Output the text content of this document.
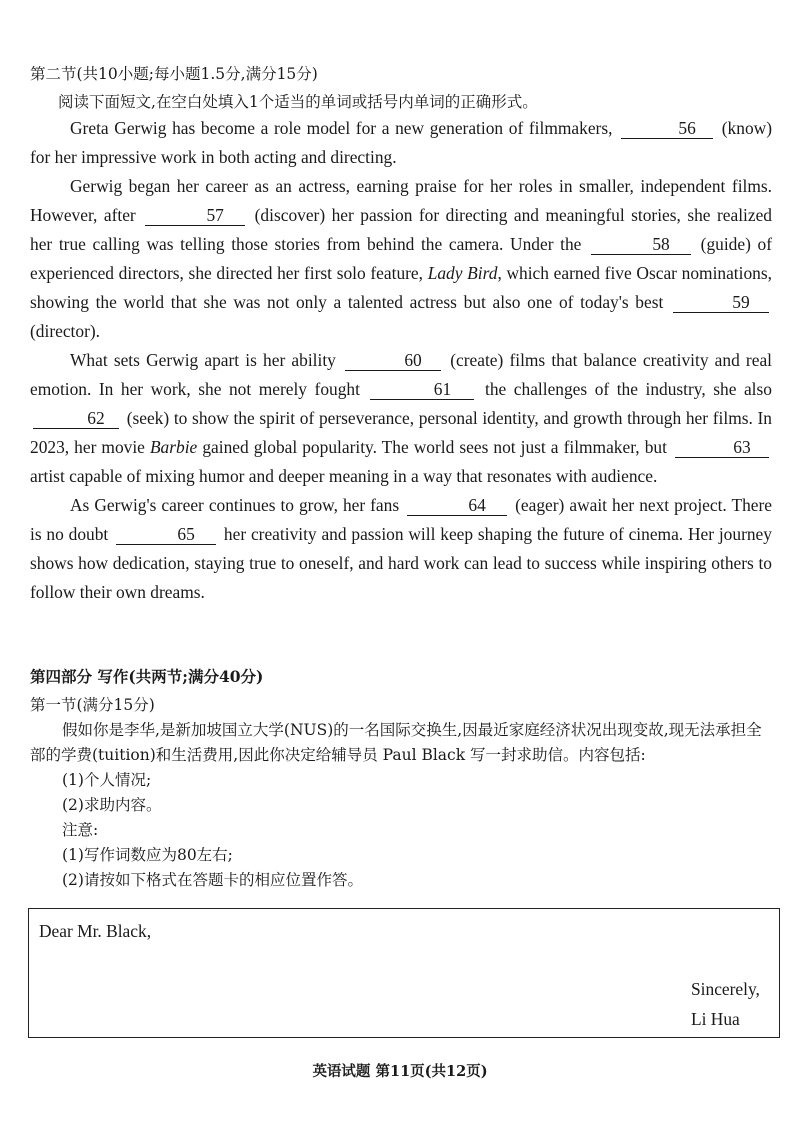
第二节(共10小题;每小题1.5分,满分15分)
阅读下面短文,在空白处填入1个适当的单词或括号内单词的正确形式。

Greta Gerwig has become a role model for a new generation of filmmakers,	56 (know) for her impressive work in both acting and directing.

Gerwig began her career as an actress, earning praise for her roles in smaller, independent films. However, after	57 (discover) her passion for directing and meaningful stories, she realized her true calling was telling those stories from behind the camera. Under the	58 (guide) of experienced directors, she directed her first solo feature, Lady Bird, which earned five Oscar nominations, showing the world that she was not only a talented actress but also one of today's best	59 (director).

What sets Gerwig apart is her ability	60 (create) films that balance creativity and real emotion. In her work, she not merely fought	61 the challenges of the industry, she also 62 (seek) to show the spirit of perseverance, personal identity, and growth through her films. In 2023, her movie Barbie gained global popularity. The world sees not just a filmmaker, but	63 artist capable of mixing humor and deeper meaning in a way that resonates with audience.

As Gerwig's career continues to grow, her fans	64 (eager) await her next project. There is no doubt	65 her creativity and passion will keep shaping the future of cinema. Her journey shows how dedication, staying true to oneself, and hard work can lead to success while inspiring others to follow their own dreams.

第四部分 写作(共两节;满分40分)
第一节(满分15分)

假如你是李华,是新加坡国立大学(NUS)的一名国际交换生,因最近家庭经济状况出现变故,现无法承担全部的学费(tuition)和生活费用,因此你决定给辅导员 Paul Black 写一封求助信。内容包括:

(1)个人情况;

(2)求助内容。

注意:

(1)写作词数应为80左右;

(2)请按如下格式在答题卡的相应位置作答。

Dear Mr. Black,
Sincerely,
Li Hua
英语试题 第11页(共12页)
